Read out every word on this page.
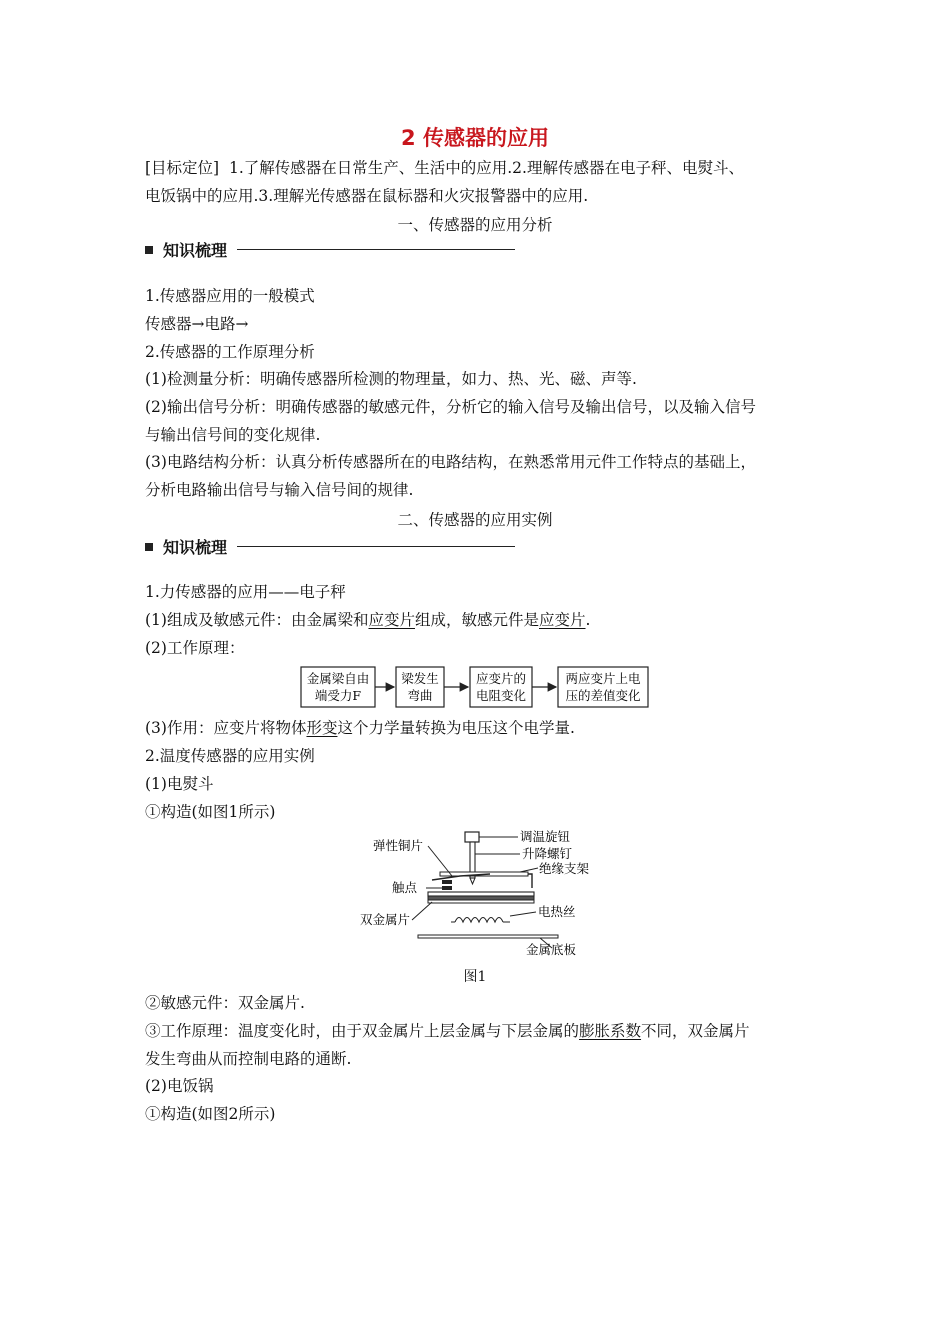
2 传感器的应用
[目标定位] 1.了解传感器在日常生产、生活中的应用.2.理解传感器在电子秤、电熨斗、
电饭锅中的应用.3.理解光传感器在鼠标器和火灾报警器中的应用.
一、传感器的应用分析
知识梳理
1.传感器应用的一般模式
传感器→电路→
2.传感器的工作原理分析
(1)检测量分析：明确传感器所检测的物理量，如力、热、光、磁、声等.
(2)输出信号分析：明确传感器的敏感元件，分析它的输入信号及输出信号，以及输入信号
与输出信号间的变化规律.
(3)电路结构分析：认真分析传感器所在的电路结构，在熟悉常用元件工作特点的基础上，
分析电路输出信号与输入信号间的规律.
二、传感器的应用实例
知识梳理
1.力传感器的应用——电子秤
(1)组成及敏感元件：由金属梁和应变片组成，敏感元件是应变片.
(2)工作原理：
金属梁自由
端受力F
梁发生
弯曲
应变片的
电阻变化
两应变片上电
压的差值变化
(3)作用：应变片将物体形变这个力学量转换为电压这个电学量.
2.温度传感器的应用实例
(1)电熨斗
①构造(如图1所示)
弹性铜片
调温旋钮
升降螺钉
绝缘支架
触点
电热丝
双金属片
金属底板
图1
②敏感元件：双金属片.
③工作原理：温度变化时，由于双金属片上层金属与下层金属的膨胀系数不同，双金属片
发生弯曲从而控制电路的通断.
(2)电饭锅
①构造(如图2所示)
